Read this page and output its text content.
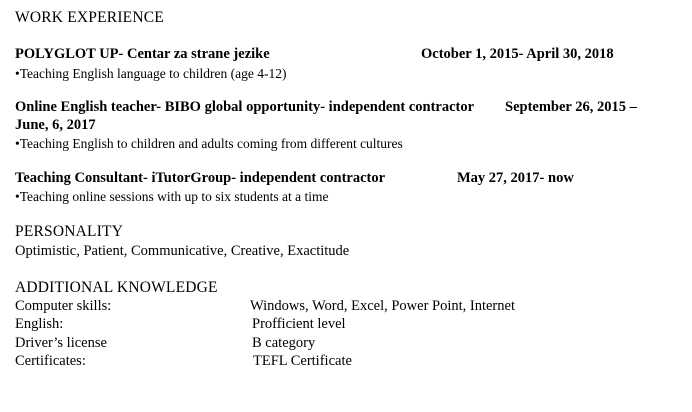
WORK EXPERIENCE
POLYGLOT UP- Centar za strane jezike	October 1, 2015- April 30, 2018
•Teaching English language to children (age 4-12)
Online English teacher- BIBO global opportunity- independent contractor September 26, 2015 –
June, 6, 2017
•Teaching English to children and adults coming from different cultures
Teaching Consultant- iTutorGroup- independent contractor	May 27, 2017- now
•Teaching online sessions with up to six students at a time
PERSONALITY
Optimistic, Patient, Communicative, Creative, Exactitude
ADDITIONAL KNOWLEDGE
Computer skills:	Windows, Word, Excel, Power Point, Internet
English:	Profficient level
Driver’s license	B category
Certificates:	TEFL Certificate
